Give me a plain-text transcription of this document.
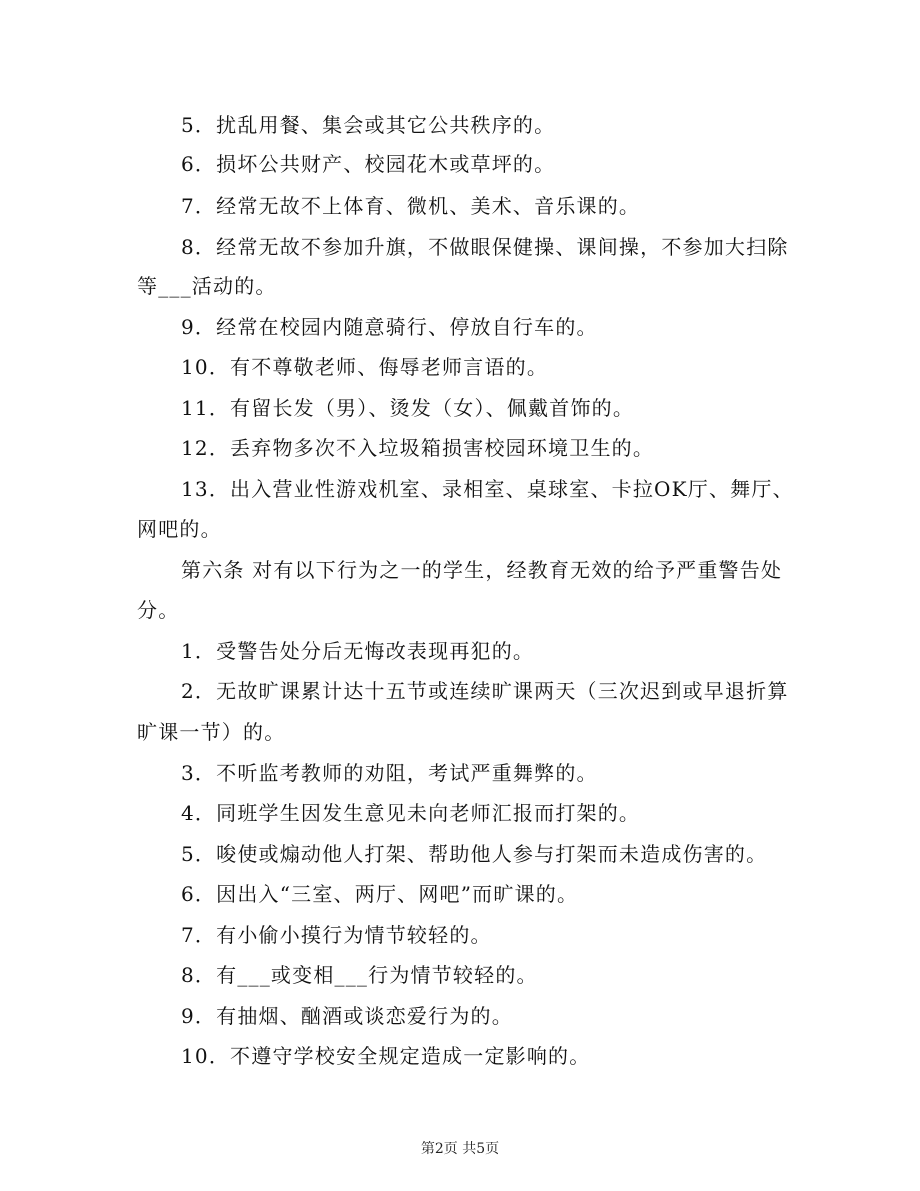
5．扰乱用餐、集会或其它公共秩序的。
6．损坏公共财产、校园花木或草坪的。
7．经常无故不上体育、微机、美术、音乐课的。
8．经常无故不参加升旗，不做眼保健操、课间操，不参加大扫除
等___活动的。
9．经常在校园内随意骑行、停放自行车的。
10．有不尊敬老师、侮辱老师言语的。
11．有留长发（男）、烫发（女）、佩戴首饰的。
12．丢弃物多次不入垃圾箱损害校园环境卫生的。
13．出入营业性游戏机室、录相室、桌球室、卡拉OK厅、舞厅、
网吧的。
第六条 对有以下行为之一的学生，经教育无效的给予严重警告处
分。
1．受警告处分后无悔改表现再犯的。
2．无故旷课累计达十五节或连续旷课两天（三次迟到或早退折算
旷课一节）的。
3．不听监考教师的劝阻，考试严重舞弊的。
4．同班学生因发生意见未向老师汇报而打架的。
5．唆使或煽动他人打架、帮助他人参与打架而未造成伤害的。
6．因出入“三室、两厅、网吧”而旷课的。
7．有小偷小摸行为情节较轻的。
8．有___或变相___行为情节较轻的。
9．有抽烟、酗酒或谈恋爱行为的。
10．不遵守学校安全规定造成一定影响的。
第2页 共5页
